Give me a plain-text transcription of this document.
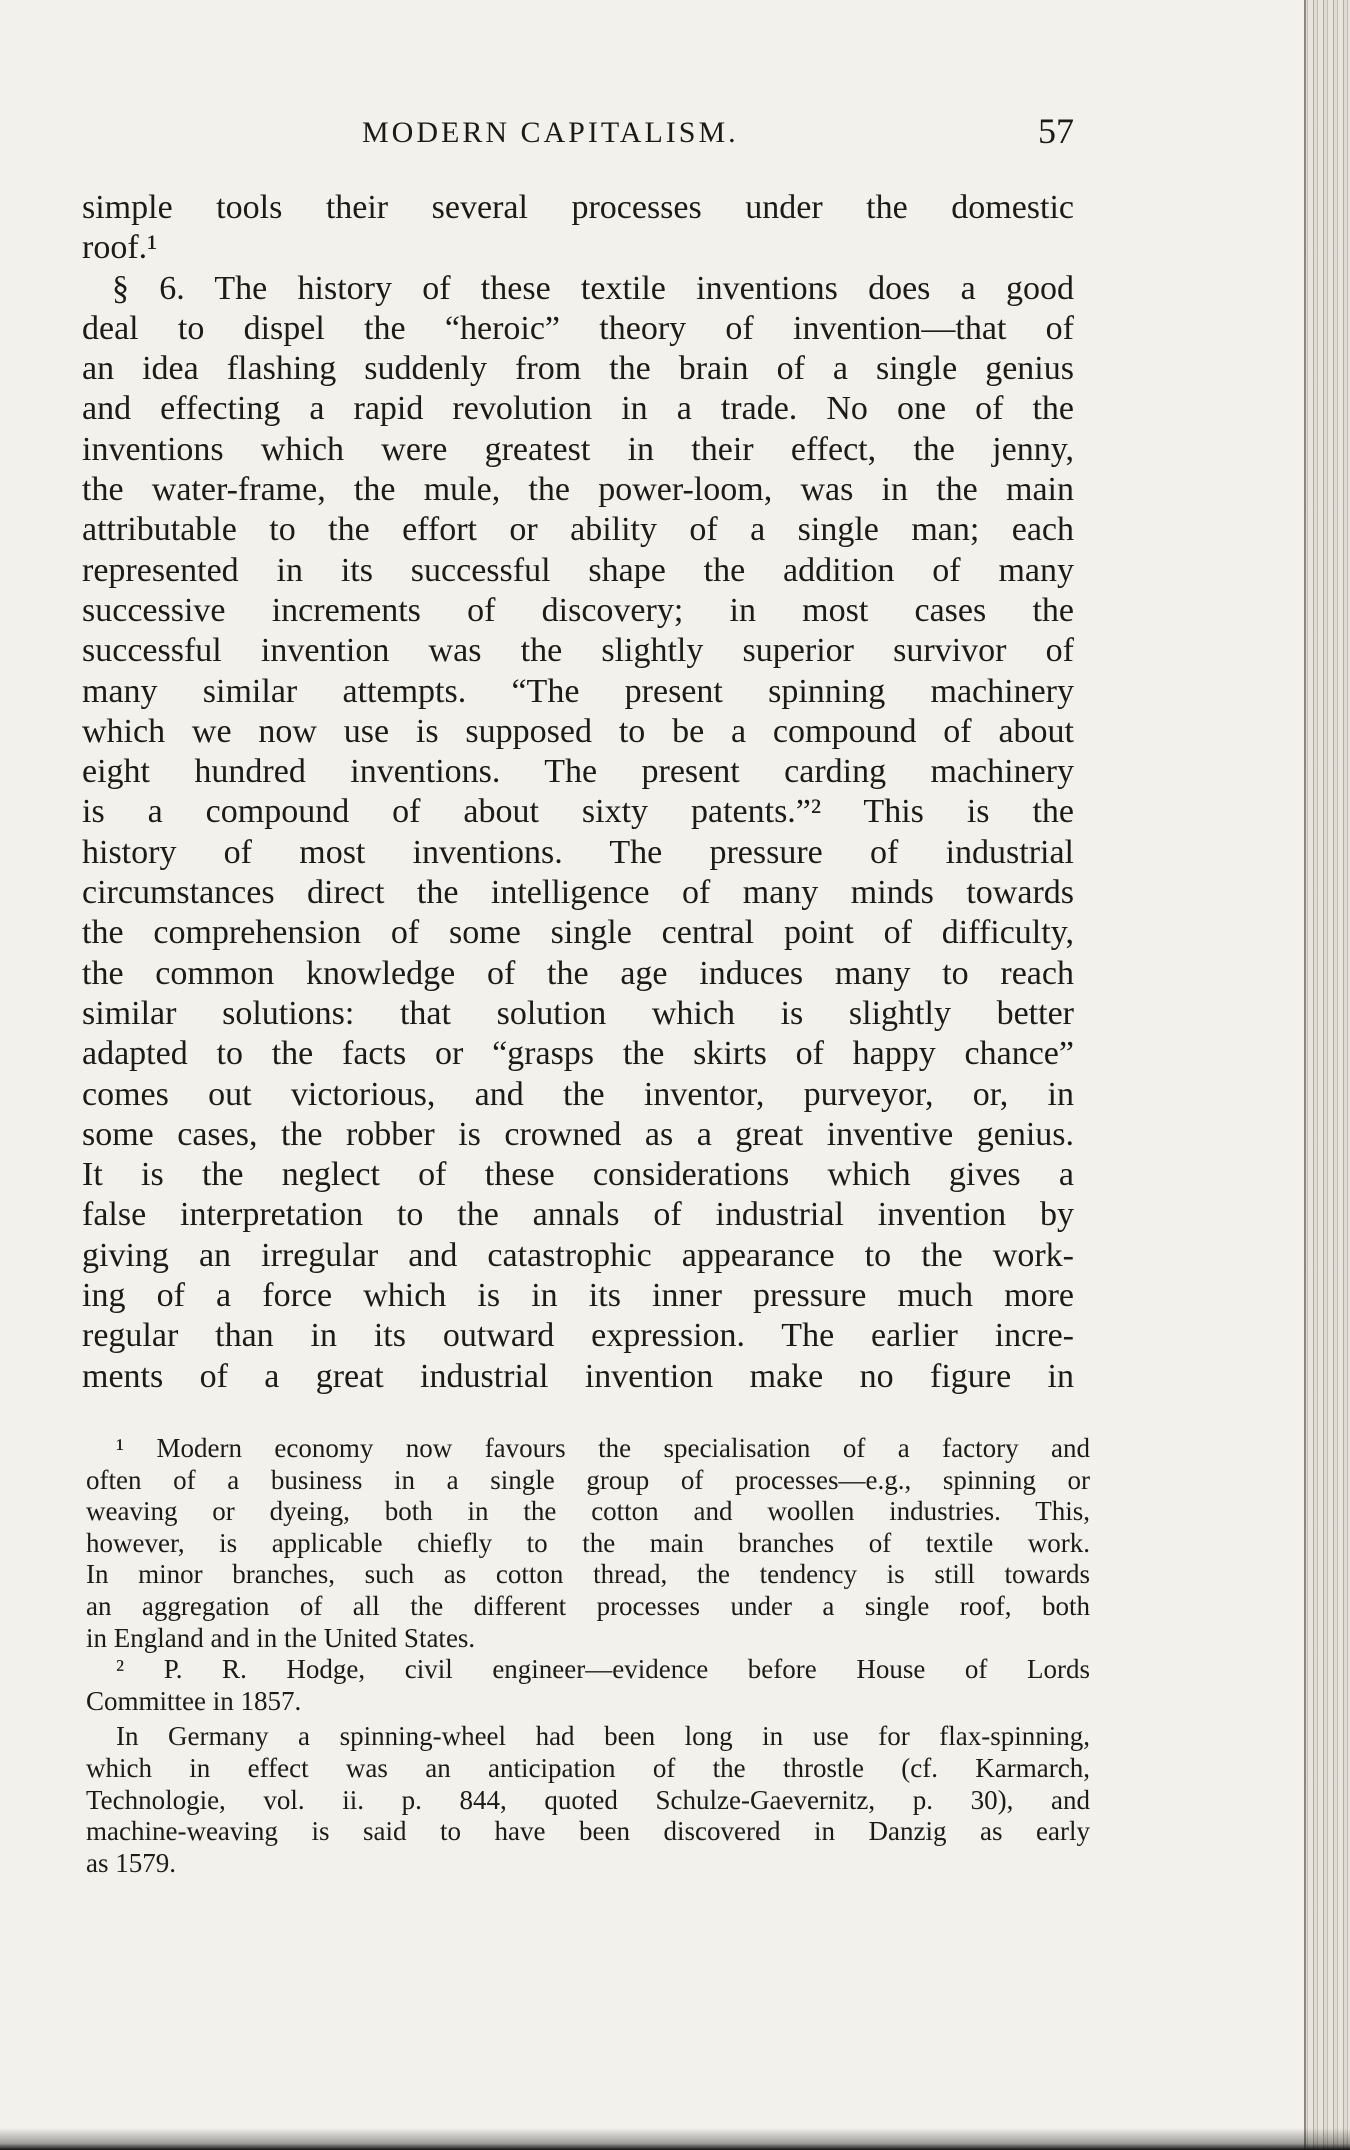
MODERN CAPITALISM.	57
simple tools their several processes under the domestic
roof.¹
§ 6. The history of these textile inventions does a good
deal to dispel the “heroic” theory of invention—that of
an idea flashing suddenly from the brain of a single genius
and effecting a rapid revolution in a trade. No one of the
inventions which were greatest in their effect, the jenny,
the water-frame, the mule, the power-loom, was in the main
attributable to the effort or ability of a single man; each
represented in its successful shape the addition of many
successive increments of discovery; in most cases the
successful invention was the slightly superior survivor of
many similar attempts. “The present spinning machinery
which we now use is supposed to be a compound of about
eight hundred inventions. The present carding machinery
is a compound of about sixty patents.”² This is the
history of most inventions. The pressure of industrial
circumstances direct the intelligence of many minds towards
the comprehension of some single central point of difficulty,
the common knowledge of the age induces many to reach
similar solutions: that solution which is slightly better
adapted to the facts or “grasps the skirts of happy chance”
comes out victorious, and the inventor, purveyor, or, in
some cases, the robber is crowned as a great inventive genius.
It is the neglect of these considerations which gives a
false interpretation to the annals of industrial invention by
giving an irregular and catastrophic appearance to the work-
ing of a force which is in its inner pressure much more
regular than in its outward expression. The earlier incre-
ments of a great industrial invention make no figure in
¹ Modern economy now favours the specialisation of a factory and
often of a business in a single group of processes—e.g., spinning or
weaving or dyeing, both in the cotton and woollen industries. This,
however, is applicable chiefly to the main branches of textile work.
In minor branches, such as cotton thread, the tendency is still towards
an aggregation of all the different processes under a single roof, both
in England and in the United States.
² P. R. Hodge, civil engineer—evidence before House of Lords
Committee in 1857.
In Germany a spinning-wheel had been long in use for flax-spinning,
which in effect was an anticipation of the throstle (cf. Karmarch,
Technologie, vol. ii. p. 844, quoted Schulze-Gaevernitz, p. 30), and
machine-weaving is said to have been discovered in Danzig as early
as 1579.
